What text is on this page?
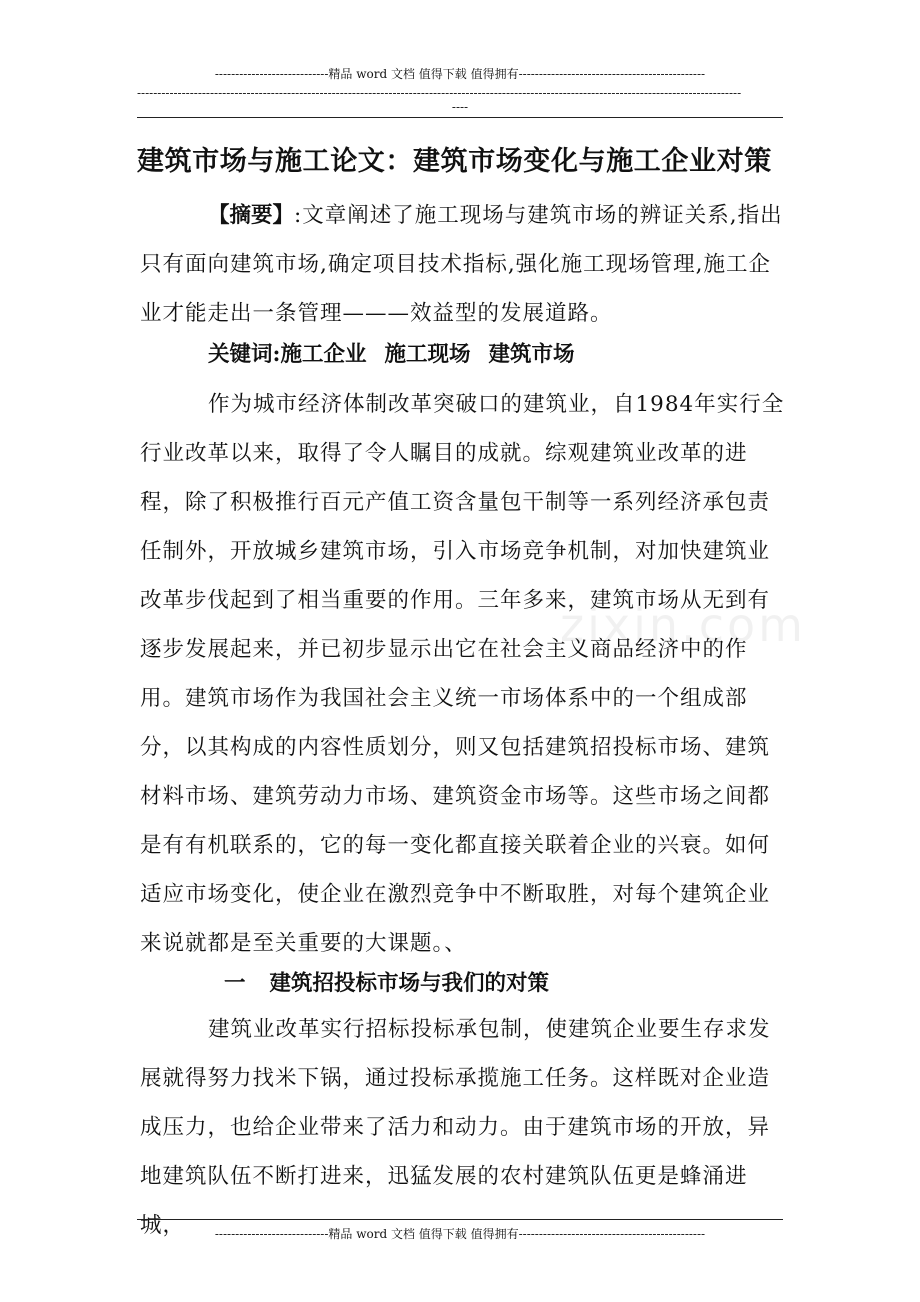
----------------------------精品 word 文档 值得下载 值得拥有----------------------------------------------
-----------------------------------------------------------------------------------------------------------------------------------------------------
----
zixin.com
建筑市场与施工论文：建筑市场变化与施工企业对策

【摘要】:文章阐述了施工现场与建筑市场的辨证关系,指出只有面向建筑市场,确定项目技术指标,强化施工现场管理,施工企业才能走出一条管理———效益型的发展道路。

关键词:施工企业 施工现场 建筑市场

作为城市经济体制改革突破口的建筑业，自1984年实行全行业改革以来，取得了令人瞩目的成就。综观建筑业改革的进程，除了积极推行百元产值工资含量包干制等一系列经济承包责任制外，开放城乡建筑市场，引入市场竞争机制，对加快建筑业改革步伐起到了相当重要的作用。三年多来，建筑市场从无到有逐步发展起来，并已初步显示出它在社会主义商品经济中的作用。建筑市场作为我国社会主义统一市场体系中的一个组成部分，以其构成的内容性质划分，则又包括建筑招投标市场、建筑材料市场、建筑劳动力市场、建筑资金市场等。这些市场之间都是有有机联系的，它的每一变化都直接关联着企业的兴衰。如何适应市场变化，使企业在激烈竞争中不断取胜，对每个建筑企业来说就都是至关重要的大课题。、

一 建筑招投标市场与我们的对策

建筑业改革实行招标投标承包制，使建筑企业要生存求发展就得努力找米下锅，通过投标承揽施工任务。这样既对企业造成压力，也给企业带来了活力和动力。由于建筑市场的开放，异地建筑队伍不断打进来，迅猛发展的农村建筑队伍更是蜂涌进城，	----------------------------精品 word 文档 值得下载 值得拥有----------------------------------------------
